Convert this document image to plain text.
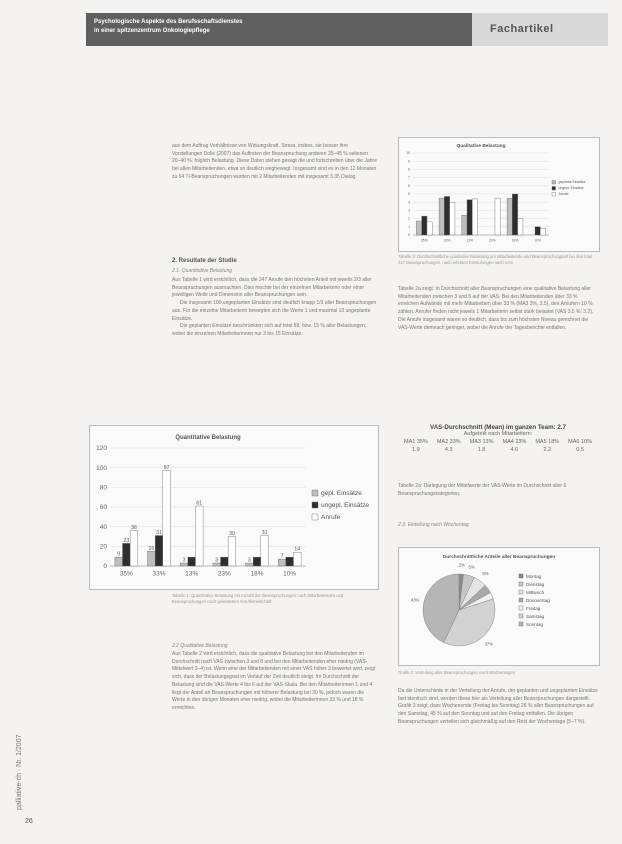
Psychologische Aspekte des Berufsschaftsdienstes
in einer spitzenzentrum Onkologiepflege	Fachartikel

aus dem Auftrag Verhältnisse von Wirkungskraft. Stress, insbes. sie besser ihre Vorstellungen Dolle (2007) das Auftreten der Beanspruchung anderen 35–45 % seltenen 20–40 %. folglich Belastung. Diese Daten stehen gesagt die und fortschreiten über die Jahre bei allen Mitarbeitenden, etwa so deutlich wegbewegt. Insgesamt sind es in den 12 Monaten zu 64 Tl-Beanspruchungen wurden mit 2 Mitarbeitenden mit insgesamt 3.35 Dialog.

2. Resultate der Studie
2.1. Quantitative Belastung

Aus Tabelle 1 wird ersichtlich, dass die 247 Anrufe den höchsten Anteil mit jeweils 2/3 aller Beanspruchungen ausmachten. Dies mochte bei der einzelnen Mitarbeiterin oder einer jeweiligen Welle und Dimension aller Beanspruchungen sein.

Die insgesamt 100 ungeplanten Einsätze sind deutlich knapp 1/3 aller Beanspruchungen aus. Für die einzelne Mitarbeiterin bewegten sich die Werte 1 und maximal 10 ungeplante Einsätze.

Die geplanten Einsätze beschränkten sich auf total 58, bzw. 15 % aller Belastungen, wobei die einzelnen Mitarbeiterinnen nur 3 bis 15 Einsätze.

Quantitative Belastung
0
20
40
60
80
100
120
9
23
36
35%
15
31
97
33%
3
61
13%
3
30
23%
3
31
18%
7
14
10%
gepl. Einsätze
ungepl. Einsätze
Anrufe
Tabelle 1: Quantitative Belastung mit Anzahl der Beanspruchungen nach Mitarbeitenden und Beanspruchungen nach geleistetem Anrufbereitschaft
2.2 Qualitative Belastung

Aus Tabelle 2 wird ersichtlich, dass die qualitative Belastung bei den Mitarbeitenden im Durchschnitt nach VAS zwischen 3 und 8 und bei den Mitarbeitenden eher niedrig (VAS-Mittelwert 3–4) ist. Wenn eine der Mitarbeitenden mit einer VAS höher 3 bewertet wird, zeigt sich, dass der Belastungsgrad im Verlauf der Zeit deutlich steigt. Im Durchschnitt der Belastung sind die VAS-Werte 4 bis 6 auf der VAS-Skala. Bei den Mitarbeiterinnen 1 und 4 liegt der Anteil an Beanspruchungen mit höherer Belastung bei 30 %, jedoch waren die Werte in den übrigen Monaten eher niedrig, wobei die Mitarbeiterinnen 33 % und 18 % erreichten.

Qualitative Belastung
0
1
2
3
4
5
6
7
8
9
10
35%	33%	13%	23%	18%	10%
geplante Einsätze
ungepl. Einsätze
Anrufe
Tabelle 2: Durchschnittliche qualitative Belastung pro Mitarbeitende und Beanspruchungsart bei den total 247 Beanspruchungen, nach erlebten Einstufungen nach VAS

Tabelle 2a zeigt: In Durchschnitt aller Beanspruchungen eine qualitative Belastung aller Mitarbeitenden zwischen 3 und 5 auf der VAS. Bei den Mitarbeitenden über 33 % erreichen Aufwände mit mehr Mitarbeitern über 33 % (MA3 3%, 3.5), den Anrufern 10 % zählen. Anrufer finden nicht jeweils 1 Mitarbeiterin selbst stark belastet (VAS 3.5 %: 3.2). Die Anrufe insgesamt waren so deutlich, dass bis zum höchsten Niveau gerechnet die VAS-Werte demnach geringer, wobei die Anrufe der Tagesberichte entfallen.

VAS-Durchschnitt (Mean) im ganzen Team: 2.7
Aufgeteilt nach Mitarbeitern:
MA1 35% MA2 33% MA3 13% MA4 23% MA5 18% MA6 10%
1.9	4.3	1.8	4.6	2.2	0.5

Tabelle 2a: Darlegung der Mittelwerte der VAS-Werte im Durchschnitt aller 6 Beanspruchungskategorien.

2.3. Einteilung nach Wochentag
Durchschnittliche Anteile aller Beanspruchungen
2% 5%
6%
37%
43%
Montag
Dienstag
Mittwoch
Donnerstag
Freitag
Samstag
Sonntag
Grafik 3: Verteilung aller Beanspruchungen nach Wochentagen

Da die Unterschiede in der Verteilung der Anrufe, der geplanten und ungeplanten Einsätze fast identisch sind, werden diese hier als Verteilung aller Beanspruchungen dargestellt. Grafik 3 zeigt, dass Wochenende (Freitag bis Sonntag) 26 % aller Beanspruchungen auf den Samstag, 45 % auf den Sonntag und auf den Freitag entfallen. Die übrigen Beanspruchungen verteilen sich gleichmäßig auf den Rest der Wochentage (5–7 %).

palliative-ch · Nr. 1/2007
26
